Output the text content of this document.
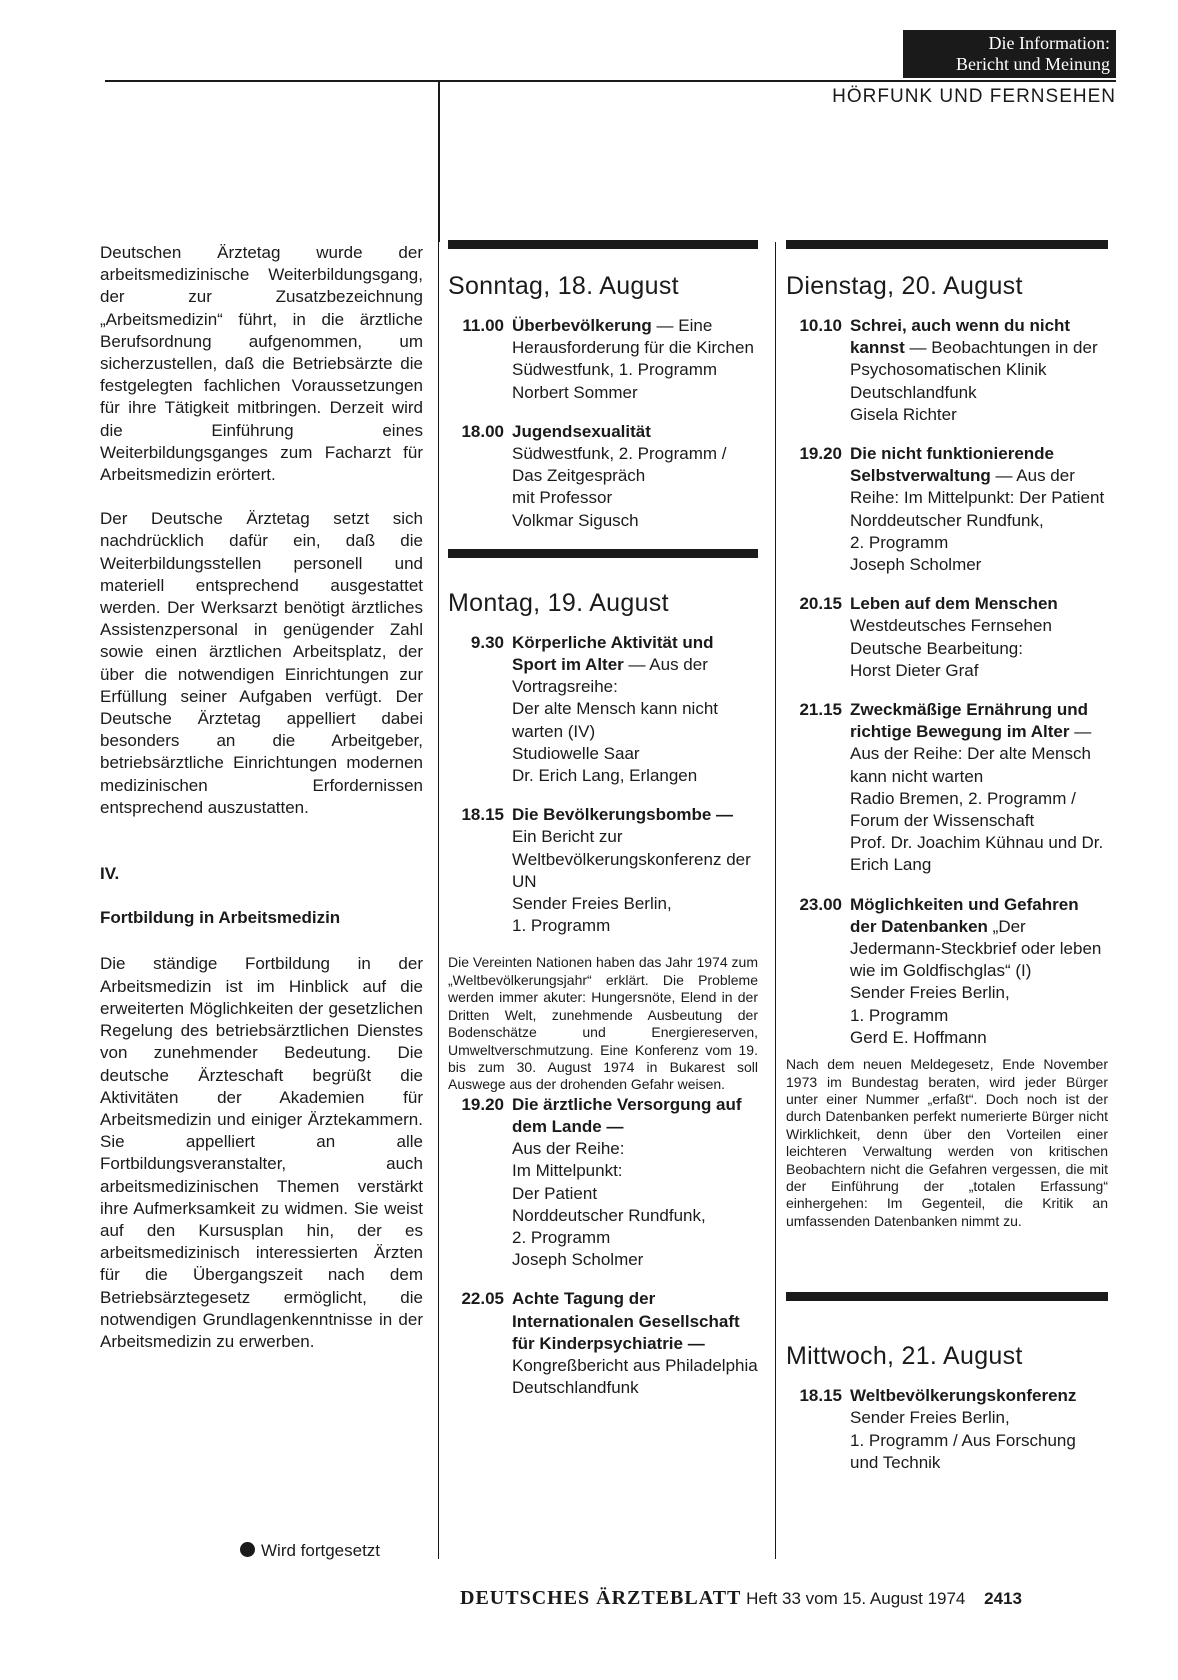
Die Information:
Bericht und Meinung
HÖRFUNK UND FERNSEHEN

Deutschen Ärztetag wurde der arbeitsmedizinische Weiterbildungsgang, der zur Zusatzbezeichnung „Arbeitsmedizin“ führt, in die ärztliche Berufsordnung aufgenommen, um sicherzustellen, daß die Betriebsärzte die festgelegten fachlichen Voraussetzungen für ihre Tätigkeit mitbringen. Derzeit wird die Einführung eines Weiterbildungsganges zum Facharzt für Arbeitsmedizin erörtert.

Der Deutsche Ärztetag setzt sich nachdrücklich dafür ein, daß die Weiterbildungsstellen personell und materiell entsprechend ausgestattet werden. Der Werksarzt benötigt ärztliches Assistenzpersonal in genügender Zahl sowie einen ärztlichen Arbeitsplatz, der über die notwendigen Einrichtungen zur Erfüllung seiner Aufgaben verfügt. Der Deutsche Ärztetag appelliert dabei besonders an die Arbeitgeber, betriebsärztliche Einrichtungen modernen medizinischen Erfordernissen entsprechend auszustatten.

IV.

Fortbildung in Arbeitsmedizin

Die ständige Fortbildung in der Arbeitsmedizin ist im Hinblick auf die erweiterten Möglichkeiten der gesetzlichen Regelung des betriebsärztlichen Dienstes von zunehmender Bedeutung. Die deutsche Ärzteschaft begrüßt die Aktivitäten der Akademien für Arbeitsmedizin und einiger Ärztekammern. Sie appelliert an alle Fortbildungsveranstalter, auch arbeitsmedizinischen Themen verstärkt ihre Aufmerksamkeit zu widmen. Sie weist auf den Kursusplan hin, der es arbeitsmedizinisch interessierten Ärzten für die Übergangszeit nach dem Betriebsärztegesetz ermöglicht, die notwendigen Grundlagenkenntnisse in der Arbeitsmedizin zu erwerben.

Wird fortgesetzt
Sonntag, 18. August
11.00 Überbevölkerung — Eine Herausforderung für die Kirchen
Südwestfunk, 1. Programm
Norbert Sommer
18.00 Jugendsexualität
Südwestfunk, 2. Programm /
Das Zeitgespräch
mit Professor
Volkmar Sigusch
Montag, 19. August
9.30 Körperliche Aktivität und Sport im Alter — Aus der Vortragsreihe:
Der alte Mensch kann nicht warten (IV)
Studiowelle Saar
Dr. Erich Lang, Erlangen
18.15 Die Bevölkerungsbombe —
Ein Bericht zur Weltbevölkerungskonferenz der UN
Sender Freies Berlin,
1. Programm

Die Vereinten Nationen haben das Jahr 1974 zum „Weltbevölkerungsjahr“ erklärt. Die Probleme werden immer akuter: Hungersnöte, Elend in der Dritten Welt, zunehmende Ausbeutung der Bodenschätze und Energiereserven, Umweltverschmutzung. Eine Konferenz vom 19. bis zum 30. August 1974 in Bukarest soll Auswege aus der drohenden Gefahr weisen.

19.20 Die ärztliche Versorgung auf dem Lande —
Aus der Reihe:
Im Mittelpunkt:
Der Patient
Norddeutscher Rundfunk,
2. Programm
Joseph Scholmer
22.05 Achte Tagung der Internationalen Gesellschaft für Kinderpsychiatrie —
Kongreßbericht aus Philadelphia
Deutschlandfunk
Dienstag, 20. August
10.10 Schrei, auch wenn du nicht kannst — Beobachtungen in der Psychosomatischen Klinik
Deutschlandfunk
Gisela Richter
19.20 Die nicht funktionierende Selbstverwaltung — Aus der Reihe: Im Mittelpunkt: Der Patient
Norddeutscher Rundfunk,
2. Programm
Joseph Scholmer
20.15 Leben auf dem Menschen
Westdeutsches Fernsehen
Deutsche Bearbeitung:
Horst Dieter Graf
21.15 Zweckmäßige Ernährung und richtige Bewegung im Alter — Aus der Reihe: Der alte Mensch kann nicht warten
Radio Bremen, 2. Programm /
Forum der Wissenschaft
Prof. Dr. Joachim Kühnau und Dr. Erich Lang
23.00 Möglichkeiten und Gefahren der Datenbanken „Der Jedermann-Steckbrief oder leben wie im Goldfischglas“ (I)
Sender Freies Berlin,
1. Programm
Gerd E. Hoffmann

Nach dem neuen Meldegesetz, Ende November 1973 im Bundestag beraten, wird jeder Bürger unter einer Nummer „erfaßt“. Doch noch ist der durch Datenbanken perfekt numerierte Bürger nicht Wirklichkeit, denn über den Vorteilen einer leichteren Verwaltung werden von kritischen Beobachtern nicht die Gefahren vergessen, die mit der Einführung der „totalen Erfassung“ einhergehen: Im Gegenteil, die Kritik an umfassenden Datenbanken nimmt zu.

Mittwoch, 21. August
18.15 Weltbevölkerungskonferenz
Sender Freies Berlin,
1. Programm / Aus Forschung und Technik
DEUTSCHES ÄRZTEBLATT Heft 33 vom 15. August 1974 2413
